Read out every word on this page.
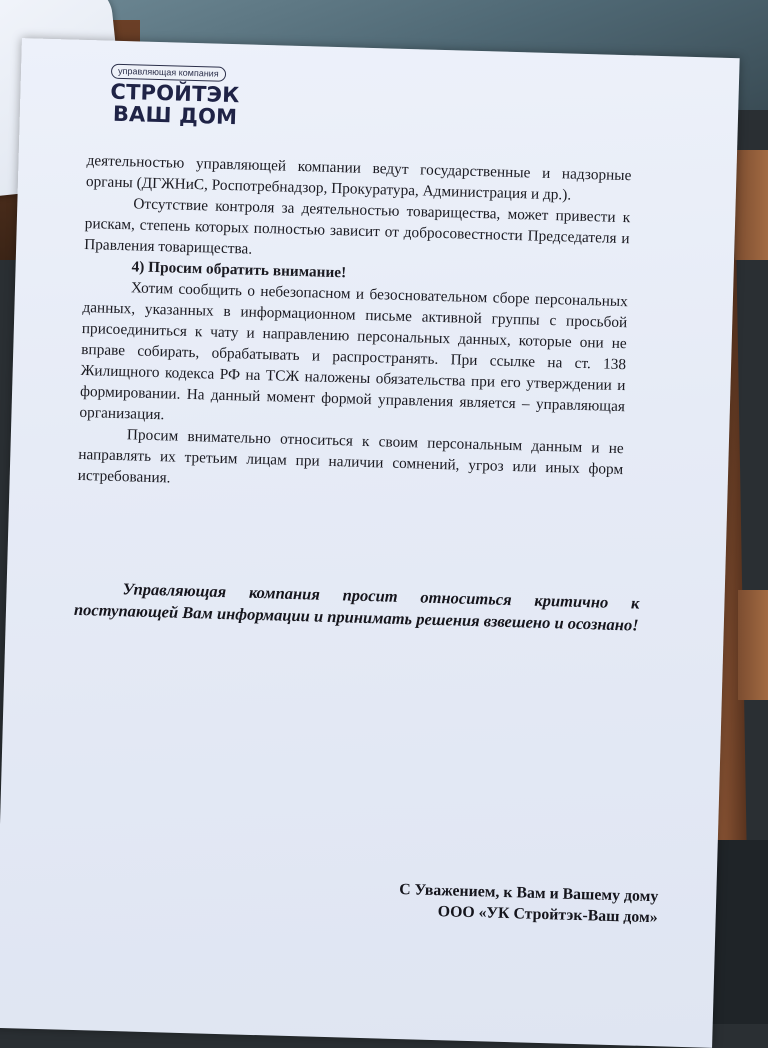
управляющая компания
СТРОЙТЭК
ВАШ ДОМ

деятельностью управляющей компании ведут государственные и надзорные органы (ДГЖНиС, Роспотребнадзор, Прокуратура, Администрация и др.).

Отсутствие контроля за деятельностью товарищества, может привести к рискам, степень которых полностью зависит от добросовестности Председателя и Правления товарищества.

4) Просим обратить внимание!

Хотим сообщить о небезопасном и безосновательном сборе персональных данных, указанных в информационном письме активной группы с просьбой присоединиться к чату и направлению персональных данных, которые они не вправе собирать, обрабатывать и распространять. При ссылке на ст. 138 Жилищного кодекса РФ на ТСЖ наложены обязательства при его утверждении и формировании. На данный момент формой управления является – управляющая организация.

Просим внимательно относиться к своим персональным данным и не направлять их третьим лицам при наличии сомнений, угроз или иных форм истребования.

Управляющая компания просит относиться критично к поступающей Вам информации и принимать решения взвешено и осознано!

С Уважением, к Вам и Вашему дому
ООО «УК Стройтэк-Ваш дом»
